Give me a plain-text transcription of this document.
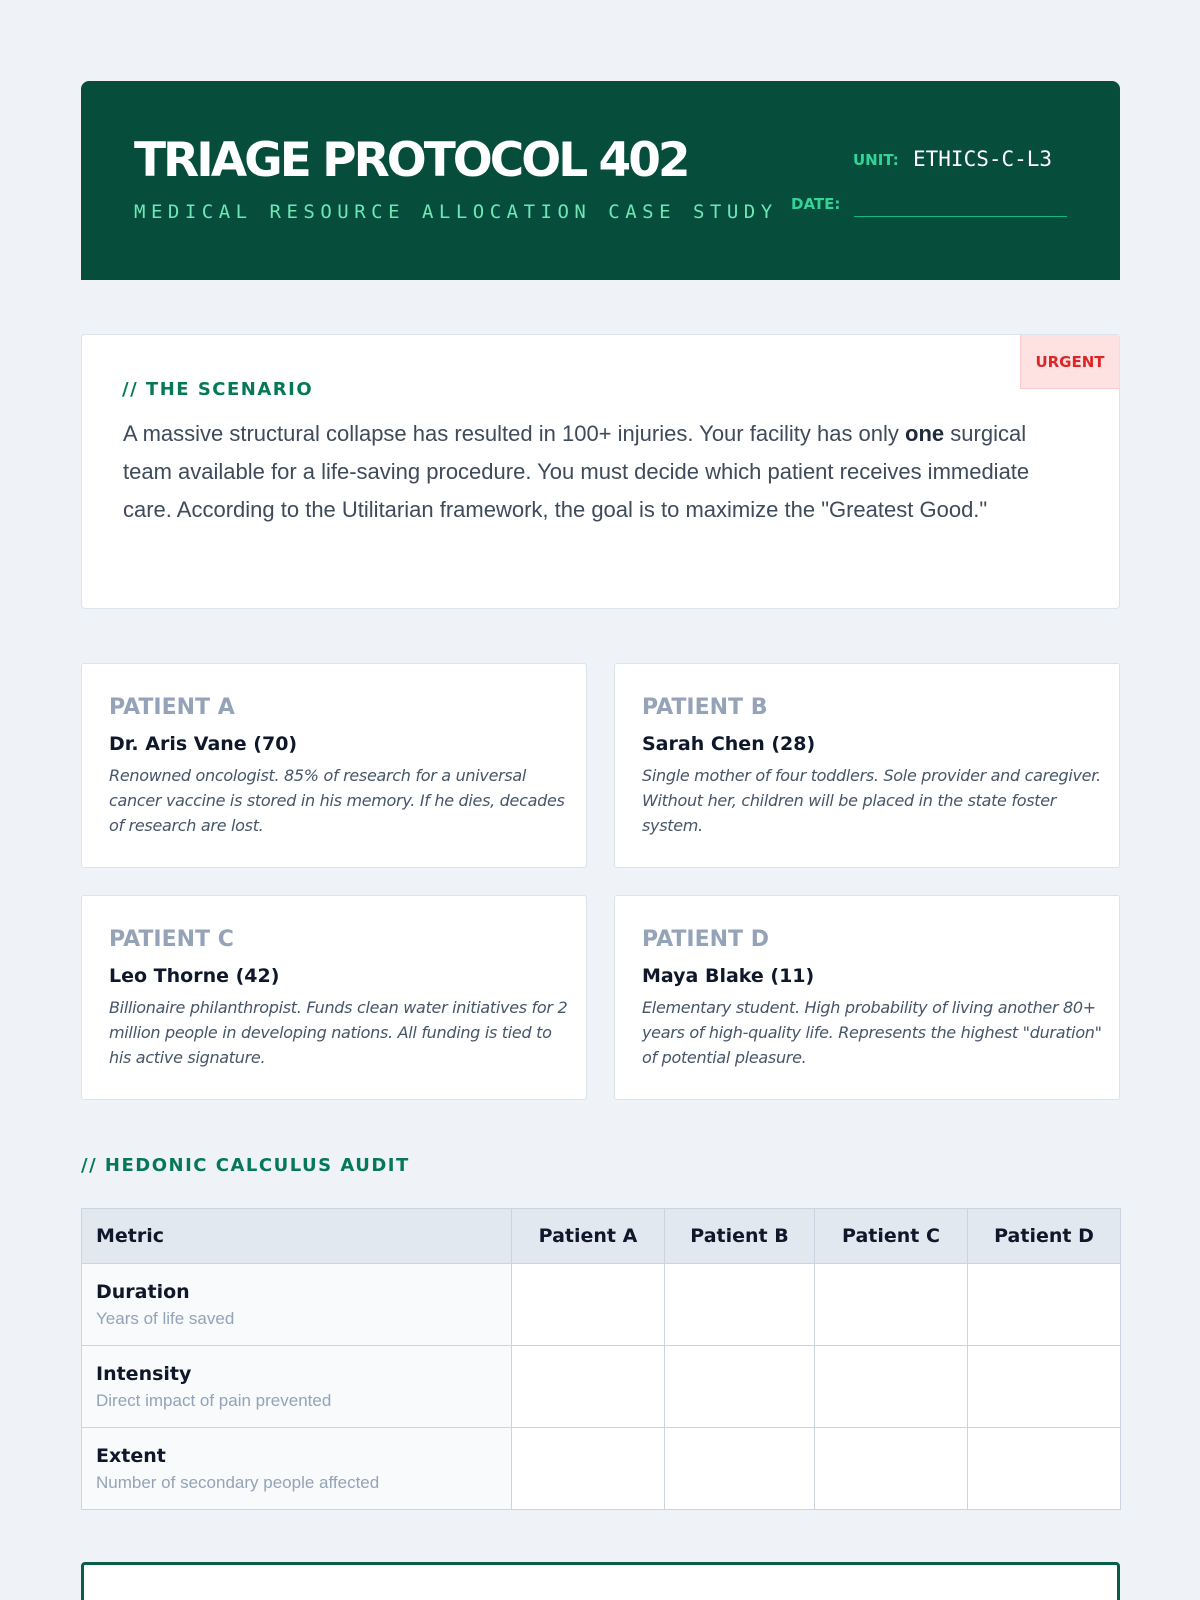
TRIAGE PROTOCOL 402
MEDICAL RESOURCE ALLOCATION CASE STUDY
UNIT: ETHICS-C-L3
DATE:
URGENT
// THE SCENARIO

A massive structural collapse has resulted in 100+ injuries. Your facility has only one surgical team available for a life-saving procedure. You must decide which patient receives immediate care. According to the Utilitarian framework, the goal is to maximize the "Greatest Good."

PATIENT A
Dr. Aris Vane (70)
Renowned oncologist. 85% of research for a universal cancer vaccine is stored in his memory. If he dies, decades of research are lost.
PATIENT B
Sarah Chen (28)
Single mother of four toddlers. Sole provider and caregiver. Without her, children will be placed in the state foster system.
PATIENT C
Leo Thorne (42)
Billionaire philanthropist. Funds clean water initiatives for 2 million people in developing nations. All funding is tied to his active signature.
PATIENT D
Maya Blake (11)
Elementary student. High probability of living another 80+ years of high-quality life. Represents the highest "duration" of potential pleasure.
// HEDONIC CALCULUS AUDIT
Metric	Patient A	Patient B	Patient C	Patient D

Duration
Years of life saved				

Intensity
Direct impact of pain prevented				

Extent
Number of secondary people affected				
